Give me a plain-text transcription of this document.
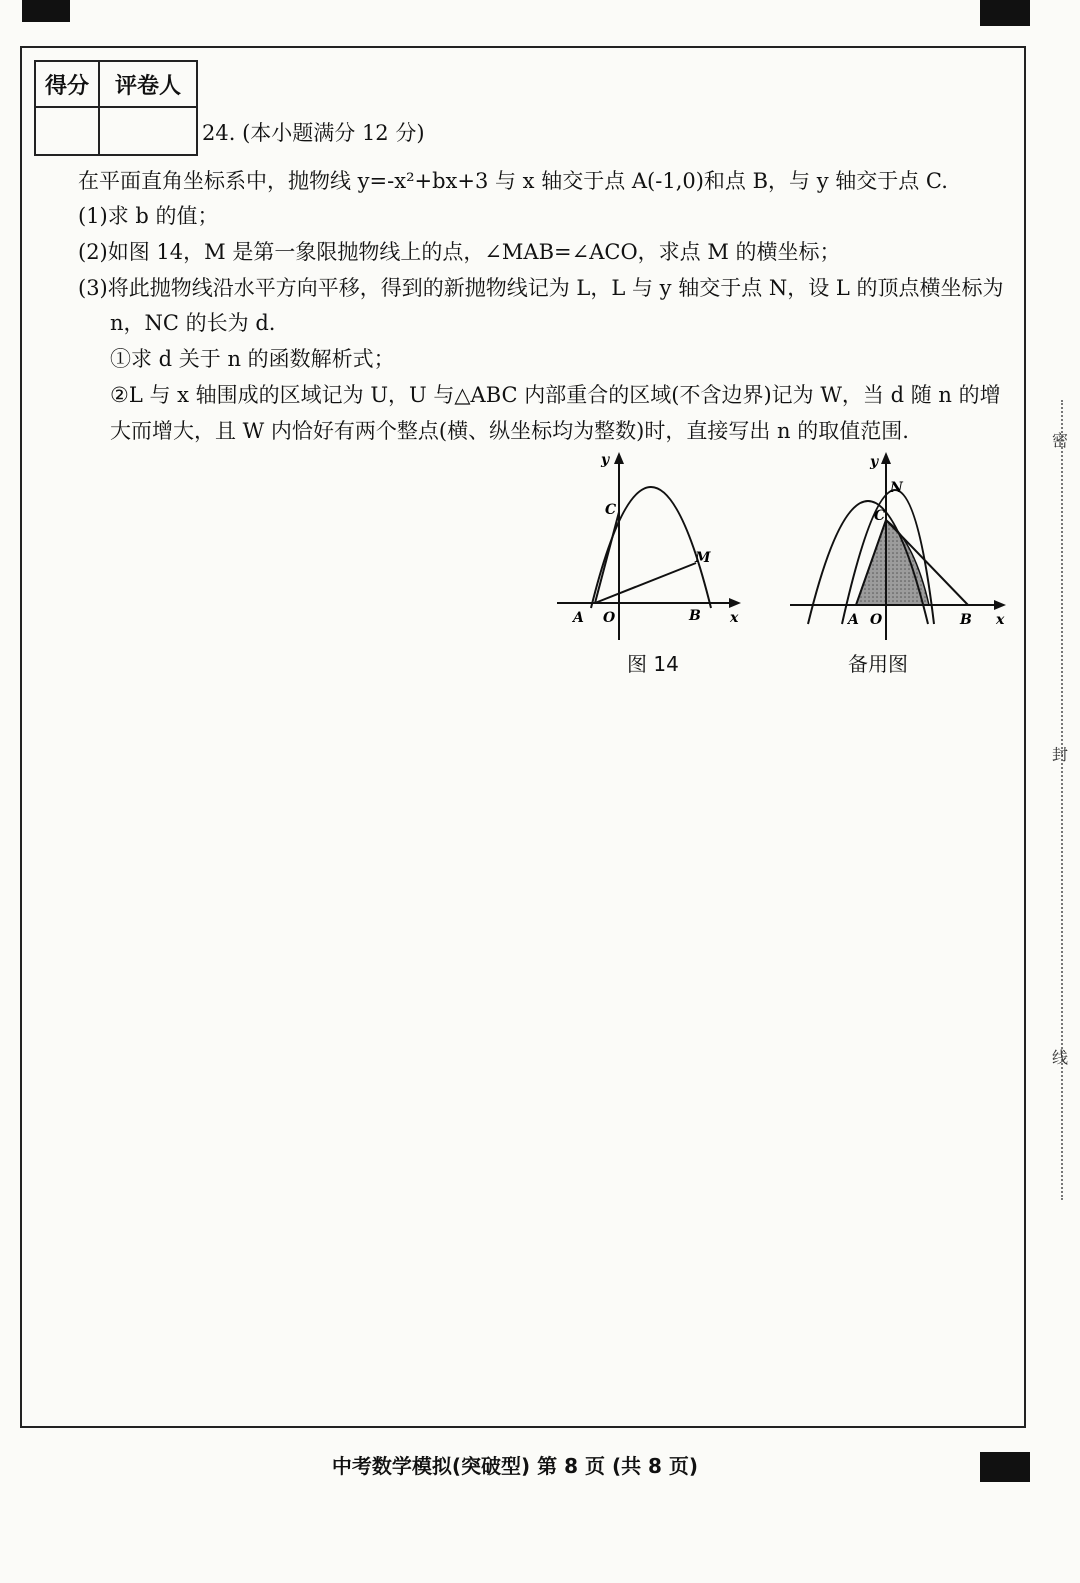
得分	评卷人

24. (本小题满分 12 分)
在平面直角坐标系中，抛物线 y=-x²+bx+3 与 x 轴交于点 A(-1,0)和点 B，与 y 轴交于点 C.
(1)求 b 的值；
(2)如图 14，M 是第一象限抛物线上的点，∠MAB=∠ACO，求点 M 的横坐标；
(3)将此抛物线沿水平方向平移，得到的新抛物线记为 L，L 与 y 轴交于点 N，设 L 的顶点横坐标为
n，NC 的长为 d.
①求 d 关于 n 的函数解析式；
②L 与 x 轴围成的区域记为 U，U 与△ABC 内部重合的区域(不含边界)记为 W，当 d 随 n 的增
大而增大，且 W 内恰好有两个整点(横、纵坐标均为整数)时，直接写出 n 的取值范围.
y
x
A O	B
C
M
图 14
y
x
A O	B
C
N
备用图
中考数学模拟(突破型) 第 8 页 (共 8 页)
密
封
线
